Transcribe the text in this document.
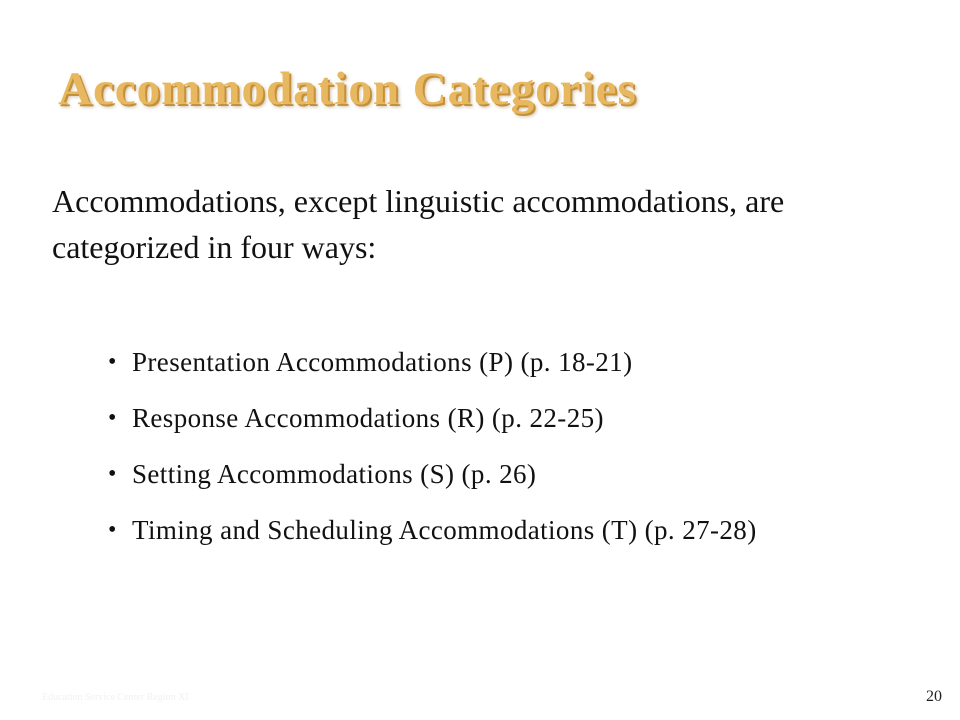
Accommodation Categories

Accommodations, except linguistic accommodations, are categorized in four ways:

• Presentation Accommodations (P) (p. 18-21)
• Response Accommodations (R) (p. 22-25)
• Setting Accommodations (S) (p. 26)
• Timing and Scheduling Accommodations (T) (p. 27-28)
Education Service Center Region XI	20
